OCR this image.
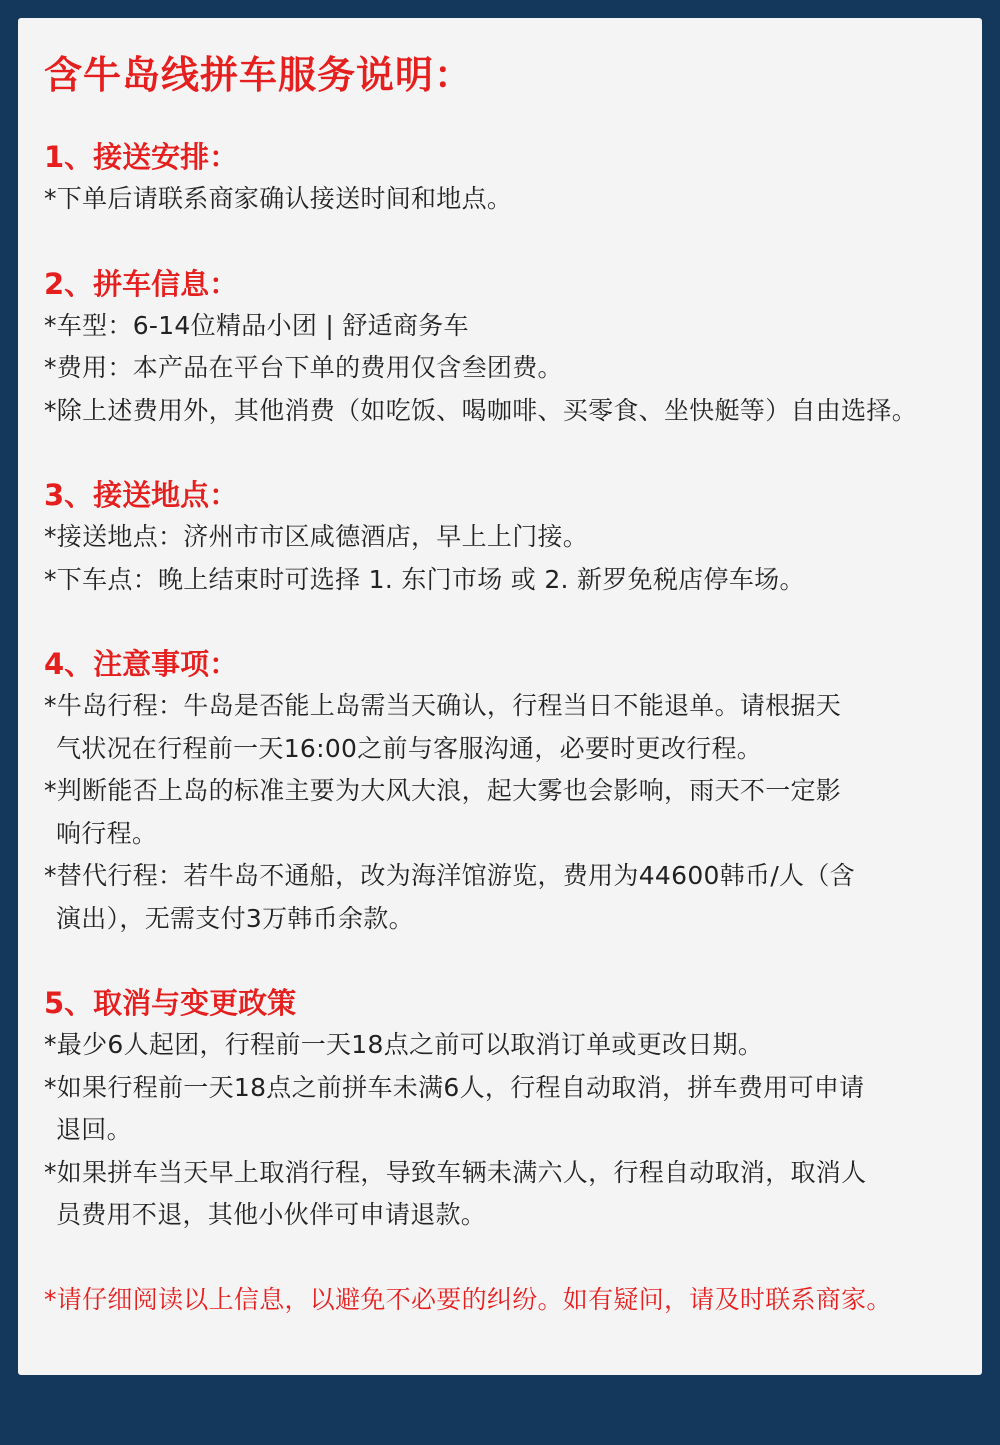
含牛岛线拼车服务说明：
1、接送安排：
*下单后请联系商家确认接送时间和地点。
2、拼车信息：
*车型：6-14位精品小团 | 舒适商务车
*费用：本产品在平台下单的费用仅含叁团费。
*除上述费用外，其他消费（如吃饭、喝咖啡、买零食、坐快艇等）自由选择。
3、接送地点：
*接送地点：济州市市区咸德酒店，早上上门接。
*下车点：晚上结束时可选择 1. 东门市场 或 2. 新罗免税店停车场。
4、注意事项：
*牛岛行程：牛岛是否能上岛需当天确认，行程当日不能退单。请根据天
气状况在行程前一天16:00之前与客服沟通，必要时更改行程。
*判断能否上岛的标准主要为大风大浪，起大雾也会影响，雨天不一定影
响行程。
*替代行程：若牛岛不通船，改为海洋馆游览，费用为44600韩币/人（含
演出），无需支付3万韩币余款。
5、取消与变更政策
*最少6人起团，行程前一天18点之前可以取消订单或更改日期。
*如果行程前一天18点之前拼车未满6人，行程自动取消，拼车费用可申请
退回。
*如果拼车当天早上取消行程，导致车辆未满六人，行程自动取消，取消人
员费用不退，其他小伙伴可申请退款。
*请仔细阅读以上信息，以避免不必要的纠纷。如有疑问，请及时联系商家。
